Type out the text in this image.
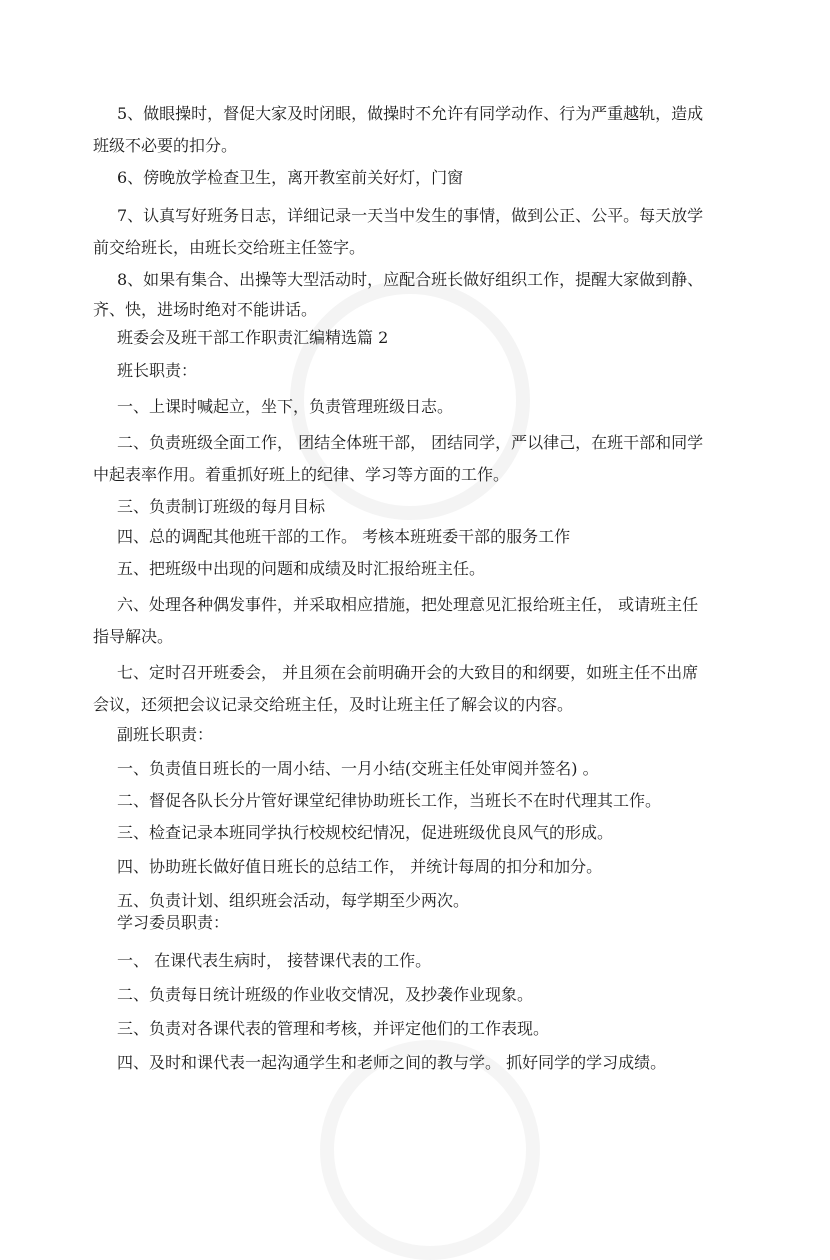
5、做眼操时，督促大家及时闭眼，做操时不允许有同学动作、行为严重越轨，造成

班级不必要的扣分。

6、傍晚放学检查卫生，离开教室前关好灯，门窗

7、认真写好班务日志，详细记录一天当中发生的事情，做到公正、公平。每天放学

前交给班长，由班长交给班主任签字。

8、如果有集合、出操等大型活动时，应配合班长做好组织工作，提醒大家做到静、

齐、快，进场时绝对不能讲话。

班委会及班干部工作职责汇编精选篇 2

班长职责：

一、上课时喊起立，坐下，负责管理班级日志。

二、负责班级全面工作， 团结全体班干部， 团结同学，严以律己，在班干部和同学

中起表率作用。着重抓好班上的纪律、学习等方面的工作。

三、负责制订班级的每月目标

四、总的调配其他班干部的工作。 考核本班班委干部的服务工作

五、把班级中出现的问题和成绩及时汇报给班主任。

六、处理各种偶发事件，并采取相应措施，把处理意见汇报给班主任， 或请班主任

指导解决。

七、定时召开班委会， 并且须在会前明确开会的大致目的和纲要，如班主任不出席

会议，还须把会议记录交给班主任，及时让班主任了解会议的内容。

副班长职责：

一、负责值日班长的一周小结、一月小结(交班主任处审阅并签名) 。

二、督促各队长分片管好课堂纪律协助班长工作，当班长不在时代理其工作。

三、检查记录本班同学执行校规校纪情况，促进班级优良风气的形成。

四、协助班长做好值日班长的总结工作， 并统计每周的扣分和加分。

五、负责计划、组织班会活动，每学期至少两次。

学习委员职责：

一、 在课代表生病时， 接替课代表的工作。

二、负责每日统计班级的作业收交情况，及抄袭作业现象。

三、负责对各课代表的管理和考核，并评定他们的工作表现。

四、及时和课代表一起沟通学生和老师之间的教与学。 抓好同学的学习成绩。
